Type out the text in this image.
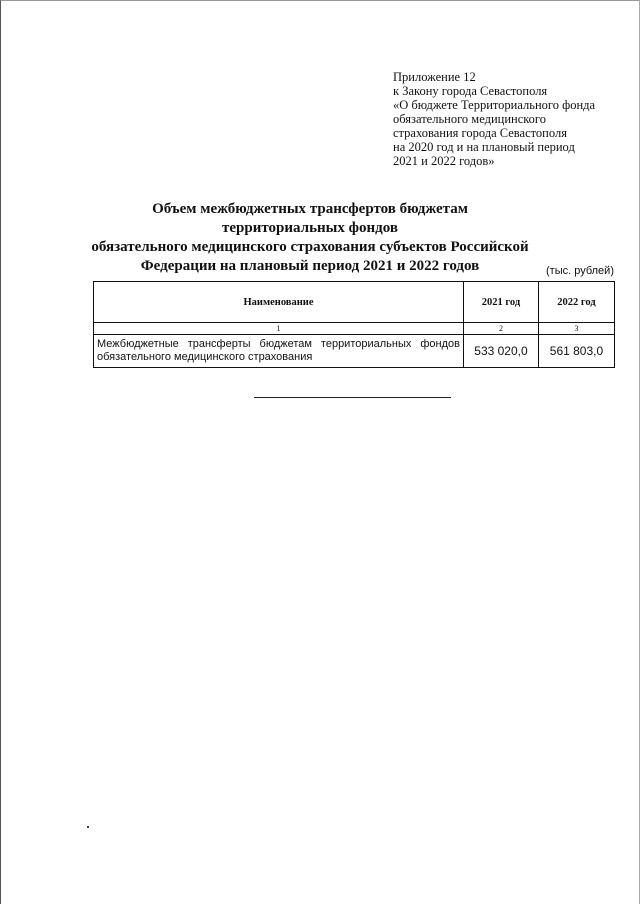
Приложение 12
к Закону города Севастополя
«О бюджете Территориального фонда
обязательного медицинского
страхования города Севастополя
на 2020 год и на плановый период
2021 и 2022 годов»
Объем межбюджетных трансфертов бюджетам территориальных фондов
обязательного медицинского страхования субъектов Российской
Федерации на плановый период 2021 и 2022 годов	(тыс. рублей)
Наименование	2021 год	2022 год
1	2	3
Межбюджетные трансферты бюджетам территориальных фондов обязательного медицинского страхования	533 020,0	561 803,0
